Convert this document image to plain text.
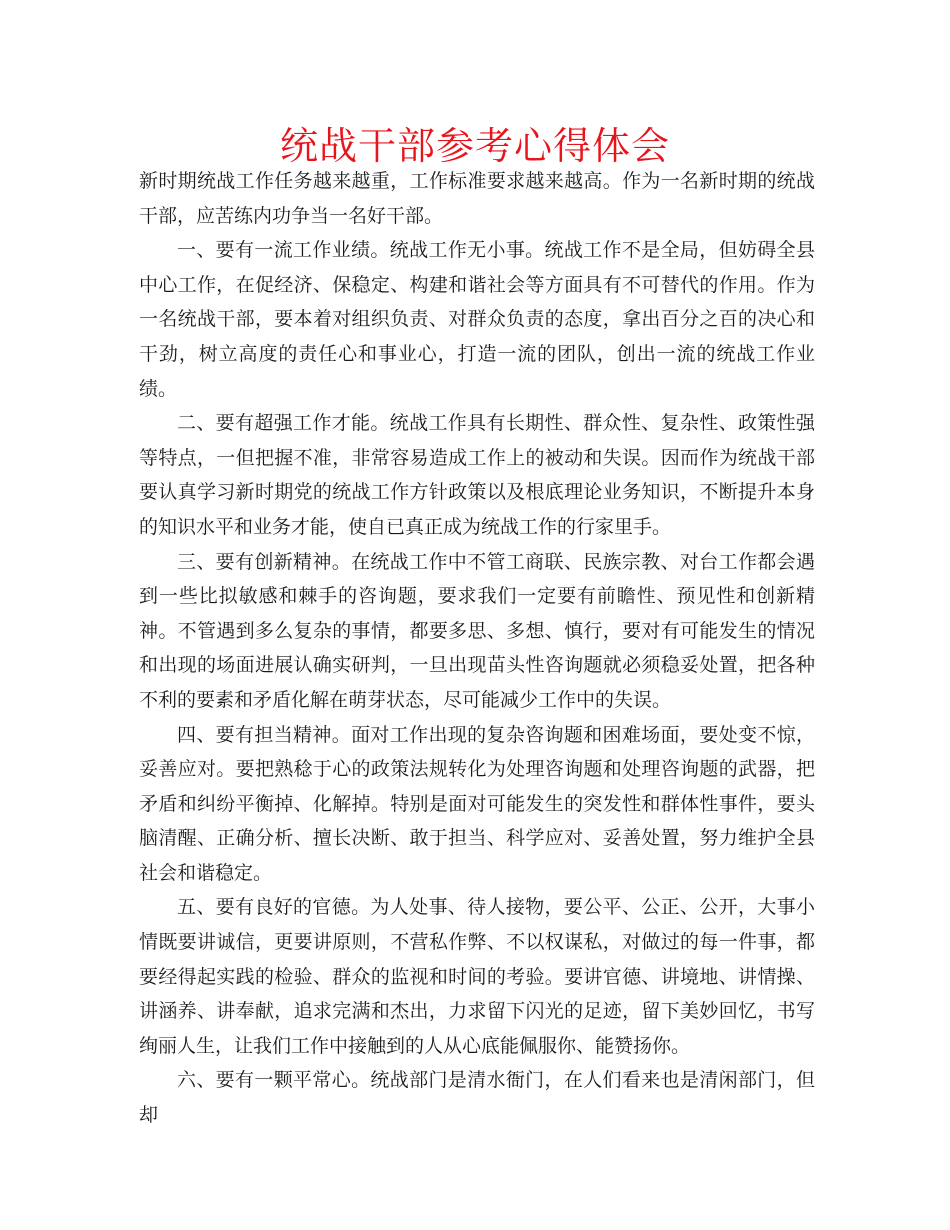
统战干部参考心得体会

新时期统战工作任务越来越重，工作标准要求越来越高。作为一名新时期的统战干部，应苦练内功争当一名好干部。

一、要有一流工作业绩。统战工作无小事。统战工作不是全局，但妨碍全县中心工作，在促经济、保稳定、构建和谐社会等方面具有不可替代的作用。作为一名统战干部，要本着对组织负责、对群众负责的态度，拿出百分之百的决心和干劲，树立高度的责任心和事业心，打造一流的团队，创出一流的统战工作业绩。

二、要有超强工作才能。统战工作具有长期性、群众性、复杂性、政策性强等特点，一但把握不准，非常容易造成工作上的被动和失误。因而作为统战干部要认真学习新时期党的统战工作方针政策以及根底理论业务知识，不断提升本身的知识水平和业务才能，使自已真正成为统战工作的行家里手。

三、要有创新精神。在统战工作中不管工商联、民族宗教、对台工作都会遇到一些比拟敏感和棘手的咨询题，要求我们一定要有前瞻性、预见性和创新精神。不管遇到多么复杂的事情，都要多思、多想、慎行，要对有可能发生的情况和出现的场面进展认确实研判，一旦出现苗头性咨询题就必须稳妥处置，把各种不利的要素和矛盾化解在萌芽状态，尽可能减少工作中的失误。

四、要有担当精神。面对工作出现的复杂咨询题和困难场面，要处变不惊，妥善应对。要把熟稔于心的政策法规转化为处理咨询题和处理咨询题的武器，把矛盾和纠纷平衡掉、化解掉。特别是面对可能发生的突发性和群体性事件，要头脑清醒、正确分析、擅长决断、敢于担当、科学应对、妥善处置，努力维护全县社会和谐稳定。

五、要有良好的官德。为人处事、待人接物，要公平、公正、公开，大事小情既要讲诚信，更要讲原则，不营私作弊、不以权谋私，对做过的每一件事，都要经得起实践的检验、群众的监视和时间的考验。要讲官德、讲境地、讲情操、讲涵养、讲奉献，追求完满和杰出，力求留下闪光的足迹，留下美妙回忆，书写绚丽人生，让我们工作中接触到的人从心底能佩服你、能赞扬你。

六、要有一颗平常心。统战部门是清水衙门，在人们看来也是清闲部门，但却
